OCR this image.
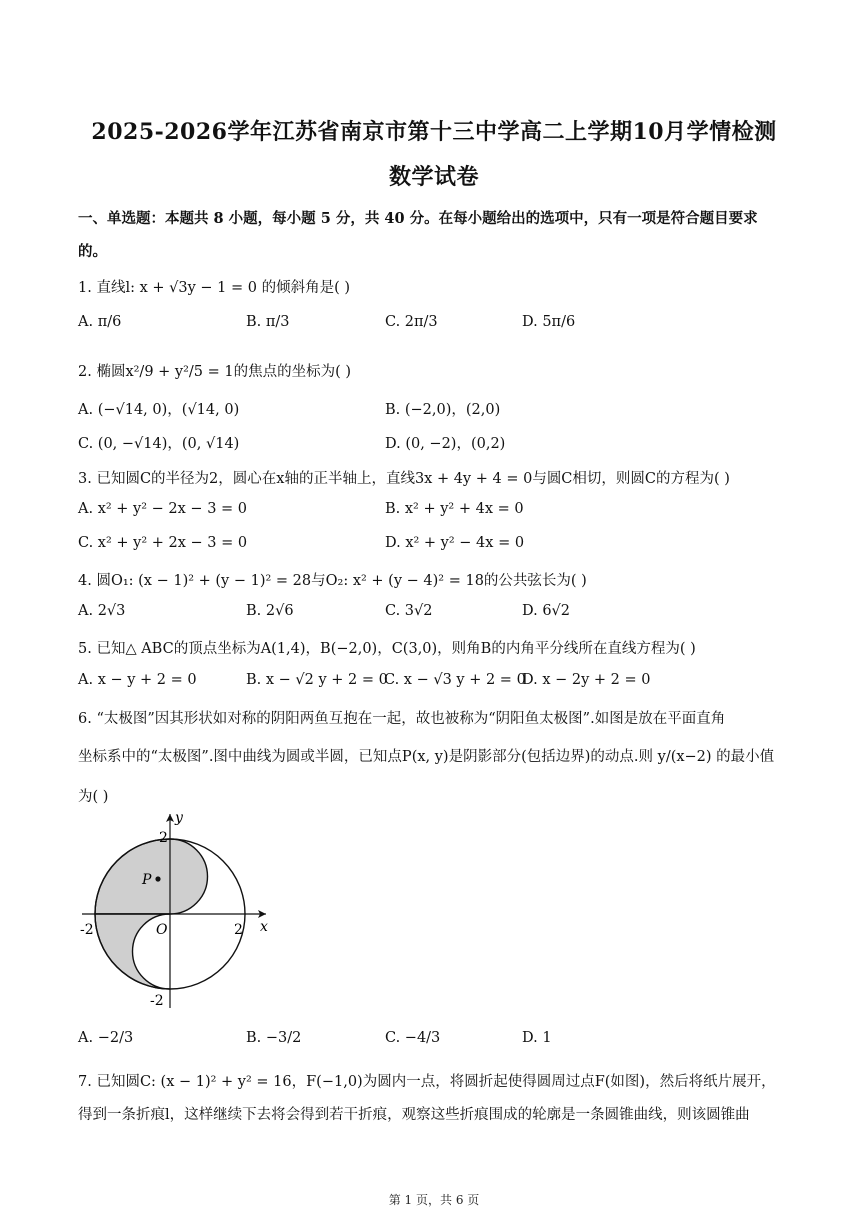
2025-2026学年江苏省南京市第十三中学高二上学期10月学情检测
数学试卷
一、单选题：本题共 8 小题，每小题 5 分，共 40 分。在每小题给出的选项中，只有一项是符合题目要求
的。
1. 直线l: x + √3y − 1 = 0 的倾斜角是( )
A. π/6	B. π/3	C. 2π/3	D. 5π/6
2. 椭圆x²/9 + y²/5 = 1的焦点的坐标为( )
A. (−√14, 0)，(√14, 0)	B. (−2,0)，(2,0)
C. (0, −√14)，(0, √14)	D. (0, −2)，(0,2)
3. 已知圆C的半径为2，圆心在x轴的正半轴上，直线3x + 4y + 4 = 0与圆C相切，则圆C的方程为( )
A. x² + y² − 2x − 3 = 0	B. x² + y² + 4x = 0
C. x² + y² + 2x − 3 = 0	D. x² + y² − 4x = 0
4. 圆O₁: (x − 1)² + (y − 1)² = 28与O₂: x² + (y − 4)² = 18的公共弦长为( )
A. 2√3	B. 2√6	C. 3√2	D. 6√2
5. 已知△ ABC的顶点坐标为A(1,4)，B(−2,0)，C(3,0)，则角B的内角平分线所在直线方程为( )
A. x − y + 2 = 0	B. x − √2 y + 2 = 0
C. x − √3 y + 2 = 0
D. x − 2y + 2 = 0
6. “太极图”因其形状如对称的阴阳两鱼互抱在一起，故也被称为“阴阳鱼太极图”.如图是放在平面直角
坐标系中的“太极图”.图中曲线为圆或半圆，已知点P(x, y)是阴影部分(包括边界)的动点.则 y/(x−2) 的最小值
为( )
y
x
2
2
-2
-2
O
P
A. −2/3	B. −3/2	C. −4/3	D. 1
7. 已知圆C: (x − 1)² + y² = 16，F(−1,0)为圆内一点，将圆折起使得圆周过点F(如图)，然后将纸片展开，
得到一条折痕l，这样继续下去将会得到若干折痕，观察这些折痕围成的轮廓是一条圆锥曲线，则该圆锥曲
第 1 页，共 6 页
